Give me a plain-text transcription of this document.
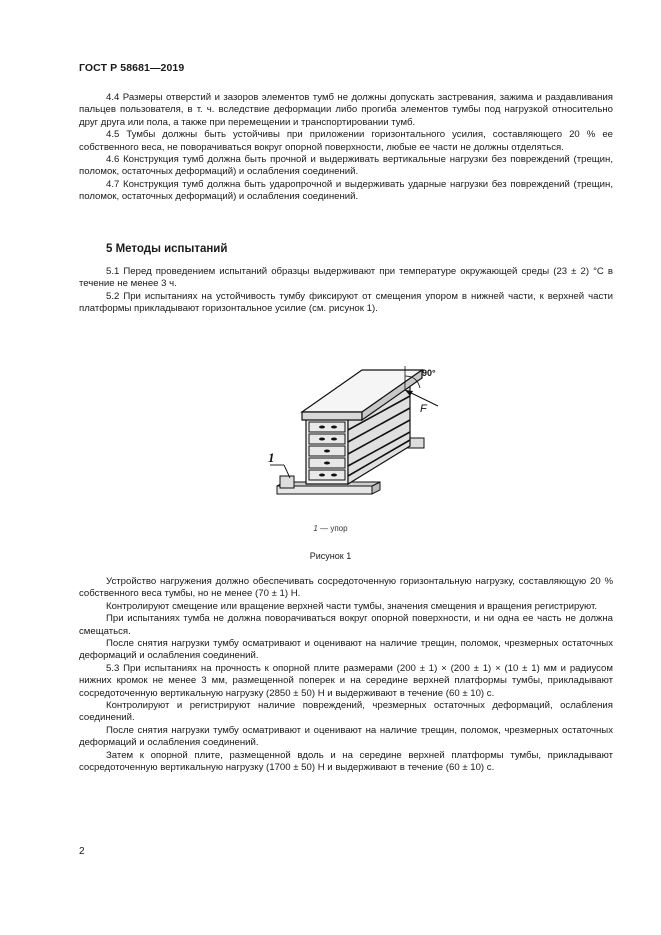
ГОСТ Р 58681—2019

4.4 Размеры отверстий и зазоров элементов тумб не должны допускать застревания, зажима и раздавливания пальцев пользователя, в т. ч. вследствие деформации либо прогиба элементов тумбы под нагрузкой относительно друг друга или пола, а также при перемещении и транспортировании тумб.

4.5 Тумбы должны быть устойчивы при приложении горизонтального усилия, составляющего 20 % ее собственного веса, не поворачиваться вокруг опорной поверхности, любые ее части не должны отделяться.

4.6 Конструкция тумб должна быть прочной и выдерживать вертикальные нагрузки без повреждений (трещин, поломок, остаточных деформаций) и ослабления соединений.

4.7 Конструкция тумб должна быть ударопрочной и выдерживать ударные нагрузки без повреждений (трещин, поломок, остаточных деформаций) и ослабления соединений.

5 Методы испытаний

5.1 Перед проведением испытаний образцы выдерживают при температуре окружающей среды (23 ± 2) °С в течение не менее 3 ч.

5.2 При испытаниях на устойчивость тумбу фиксируют от смещения упором в нижней части, к верхней части платформы прикладывают горизонтальное усилие (см. рисунок 1).

90°
F
1
1 — упор
Рисунок 1

Устройство нагружения должно обеспечивать сосредоточенную горизонтальную нагрузку, составляющую 20 % собственного веса тумбы, но не менее (70 ± 1) Н.

Контролируют смещение или вращение верхней части тумбы, значения смещения и вращения регистрируют.

При испытаниях тумба не должна поворачиваться вокруг опорной поверхности, и ни одна ее часть не должна смещаться.

После снятия нагрузки тумбу осматривают и оценивают на наличие трещин, поломок, чрезмерных остаточных деформаций и ослабления соединений.

5.3 При испытаниях на прочность к опорной плите размерами (200 ± 1) × (200 ± 1) × (10 ± 1) мм и радиусом нижних кромок не менее 3 мм, размещенной поперек и на середине верхней платформы тумбы, прикладывают сосредоточенную вертикальную нагрузку (2850 ± 50) Н и выдерживают в течение (60 ± 10) с.

Контролируют и регистрируют наличие повреждений, чрезмерных остаточных деформаций, ослабления соединений.

После снятия нагрузки тумбу осматривают и оценивают на наличие трещин, поломок, чрезмерных остаточных деформаций и ослабления соединений.

Затем к опорной плите, размещенной вдоль и на середине верхней платформы тумбы, прикладывают сосредоточенную вертикальную нагрузку (1700 ± 50) Н и выдерживают в течение (60 ± 10) с.

2
